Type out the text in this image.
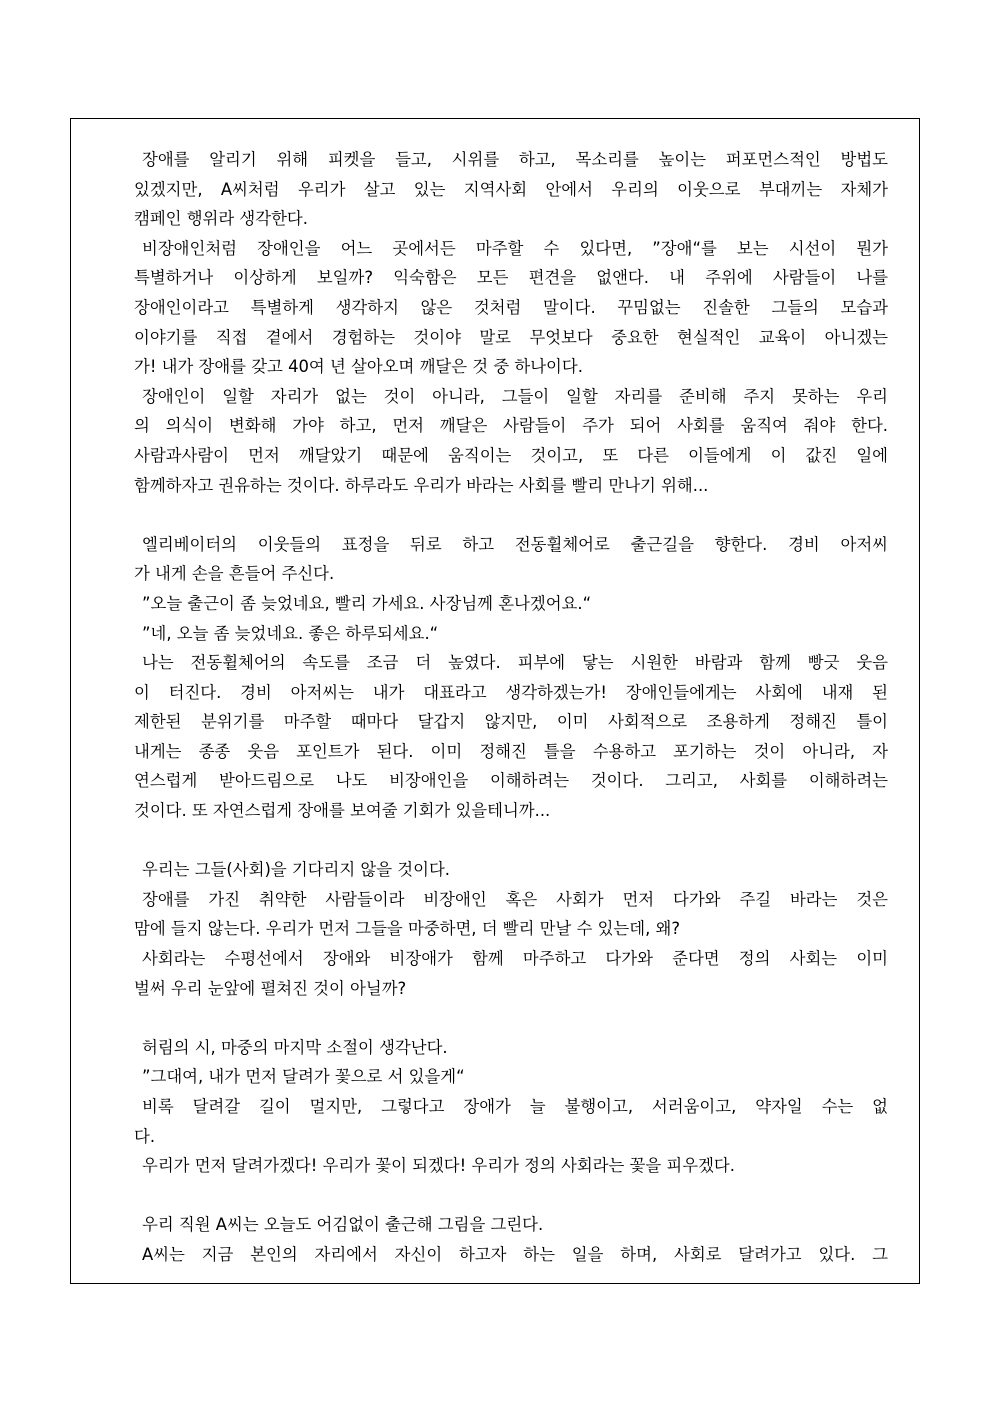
장애를 알리기 위해 피켓을 들고, 시위를 하고, 목소리를 높이는 퍼포먼스적인 방법도
있겠지만, A씨처럼 우리가 살고 있는 지역사회 안에서 우리의 이웃으로 부대끼는 자체가
캠페인 행위라 생각한다.

비장애인처럼 장애인을 어느 곳에서든 마주할 수 있다면, ”장애“를 보는 시선이 뭔가
특별하거나 이상하게 보일까? 익숙함은 모든 편견을 없앤다. 내 주위에 사람들이 나를
장애인이라고 특별하게 생각하지 않은 것처럼 말이다. 꾸밈없는 진솔한 그들의 모습과
이야기를 직접 곁에서 경험하는 것이야 말로 무엇보다 중요한 현실적인 교육이 아니겠는
가! 내가 장애를 갖고 40여 년 살아오며 깨달은 것 중 하나이다.

장애인이 일할 자리가 없는 것이 아니라, 그들이 일할 자리를 준비해 주지 못하는 우리
의 의식이 변화해 가야 하고, 먼저 깨달은 사람들이 주가 되어 사회를 움직여 줘야 한다.
사람과사람이 먼저 깨달았기 때문에 움직이는 것이고, 또 다른 이들에게 이 값진 일에
함께하자고 권유하는 것이다. 하루라도 우리가 바라는 사회를 빨리 만나기 위해...

엘리베이터의 이웃들의 표정을 뒤로 하고 전동휠체어로 출근길을 향한다. 경비 아저씨
가 내게 손을 흔들어 주신다.

”오늘 출근이 좀 늦었네요, 빨리 가세요. 사장님께 혼나겠어요.“

”네, 오늘 좀 늦었네요. 좋은 하루되세요.“

나는 전동휠체어의 속도를 조금 더 높였다. 피부에 닿는 시원한 바람과 함께 빵긋 웃음
이 터진다. 경비 아저씨는 내가 대표라고 생각하겠는가! 장애인들에게는 사회에 내재 된
제한된 분위기를 마주할 때마다 달갑지 않지만, 이미 사회적으로 조용하게 정해진 틀이
내게는 종종 웃음 포인트가 된다. 이미 정해진 틀을 수용하고 포기하는 것이 아니라, 자
연스럽게 받아드림으로 나도 비장애인을 이해하려는 것이다. 그리고, 사회를 이해하려는
것이다. 또 자연스럽게 장애를 보여줄 기회가 있을테니까...

우리는 그들(사회)을 기다리지 않을 것이다.

장애를 가진 취약한 사람들이라 비장애인 혹은 사회가 먼저 다가와 주길 바라는 것은
맘에 들지 않는다. 우리가 먼저 그들을 마중하면, 더 빨리 만날 수 있는데, 왜?

사회라는 수평선에서 장애와 비장애가 함께 마주하고 다가와 준다면 정의 사회는 이미
벌써 우리 눈앞에 펼쳐진 것이 아닐까?

허림의 시, 마중의 마지막 소절이 생각난다.

”그대여, 내가 먼저 달려가 꽃으로 서 있을게“

비록 달려갈 길이 멀지만, 그렇다고 장애가 늘 불행이고, 서러움이고, 약자일 수는 없
다.

우리가 먼저 달려가겠다! 우리가 꽃이 되겠다! 우리가 정의 사회라는 꽃을 피우겠다.

우리 직원 A씨는 오늘도 어김없이 출근해 그림을 그린다.

A씨는 지금 본인의 자리에서 자신이 하고자 하는 일을 하며, 사회로 달려가고 있다. 그
